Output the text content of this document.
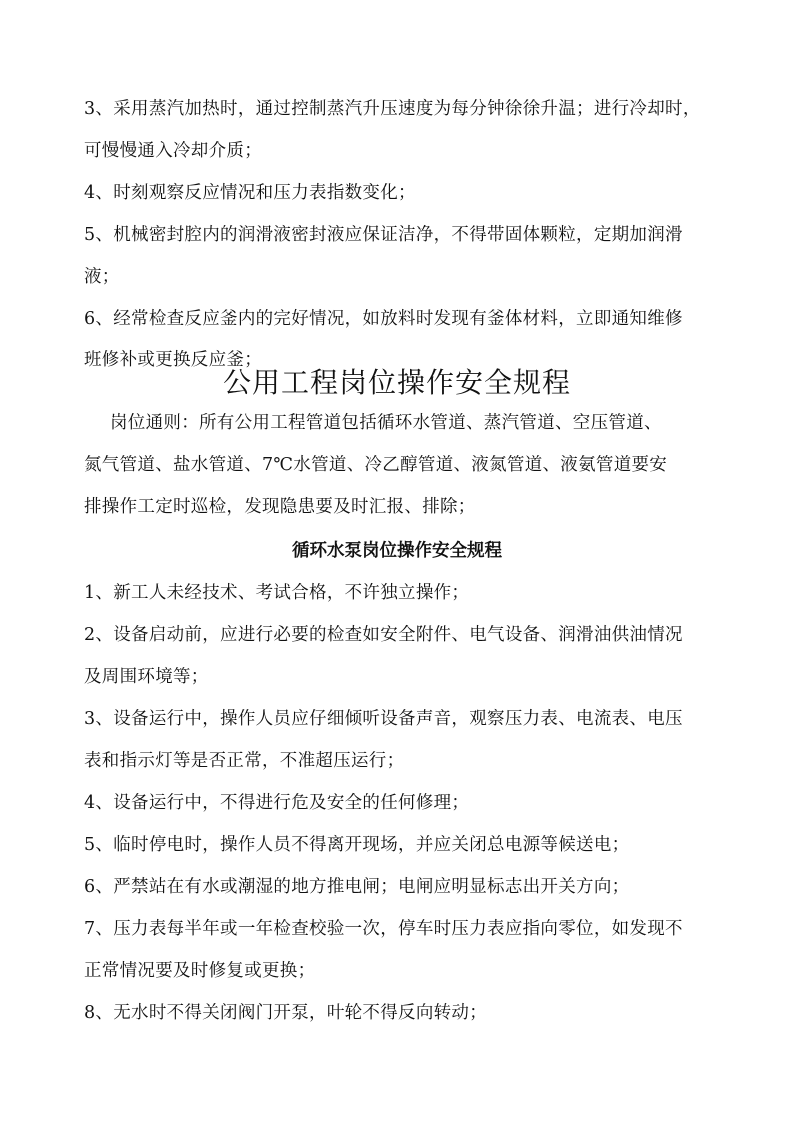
3、采用蒸汽加热时，通过控制蒸汽升压速度为每分钟徐徐升温；进行冷却时，
可慢慢通入冷却介质；
4、时刻观察反应情况和压力表指数变化；
5、机械密封腔内的润滑液密封液应保证洁净，不得带固体颗粒，定期加润滑
液；
6、经常检查反应釜内的完好情况，如放料时发现有釜体材料，立即通知维修
班修补或更换反应釜；
公用工程岗位操作安全规程
岗位通则：所有公用工程管道包括循环水管道、蒸汽管道、空压管道、
氮气管道、盐水管道、7℃水管道、冷乙醇管道、液氮管道、液氨管道要安
排操作工定时巡检，发现隐患要及时汇报、排除；
循环水泵岗位操作安全规程
1、新工人未经技术、考试合格，不许独立操作；
2、设备启动前，应进行必要的检查如安全附件、电气设备、润滑油供油情况
及周围环境等；
3、设备运行中，操作人员应仔细倾听设备声音，观察压力表、电流表、电压
表和指示灯等是否正常，不准超压运行；
4、设备运行中，不得进行危及安全的任何修理；
5、临时停电时，操作人员不得离开现场，并应关闭总电源等候送电；
6、严禁站在有水或潮湿的地方推电闸；电闸应明显标志出开关方向；
7、压力表每半年或一年检查校验一次，停车时压力表应指向零位，如发现不
正常情况要及时修复或更换；
8、无水时不得关闭阀门开泵，叶轮不得反向转动；
